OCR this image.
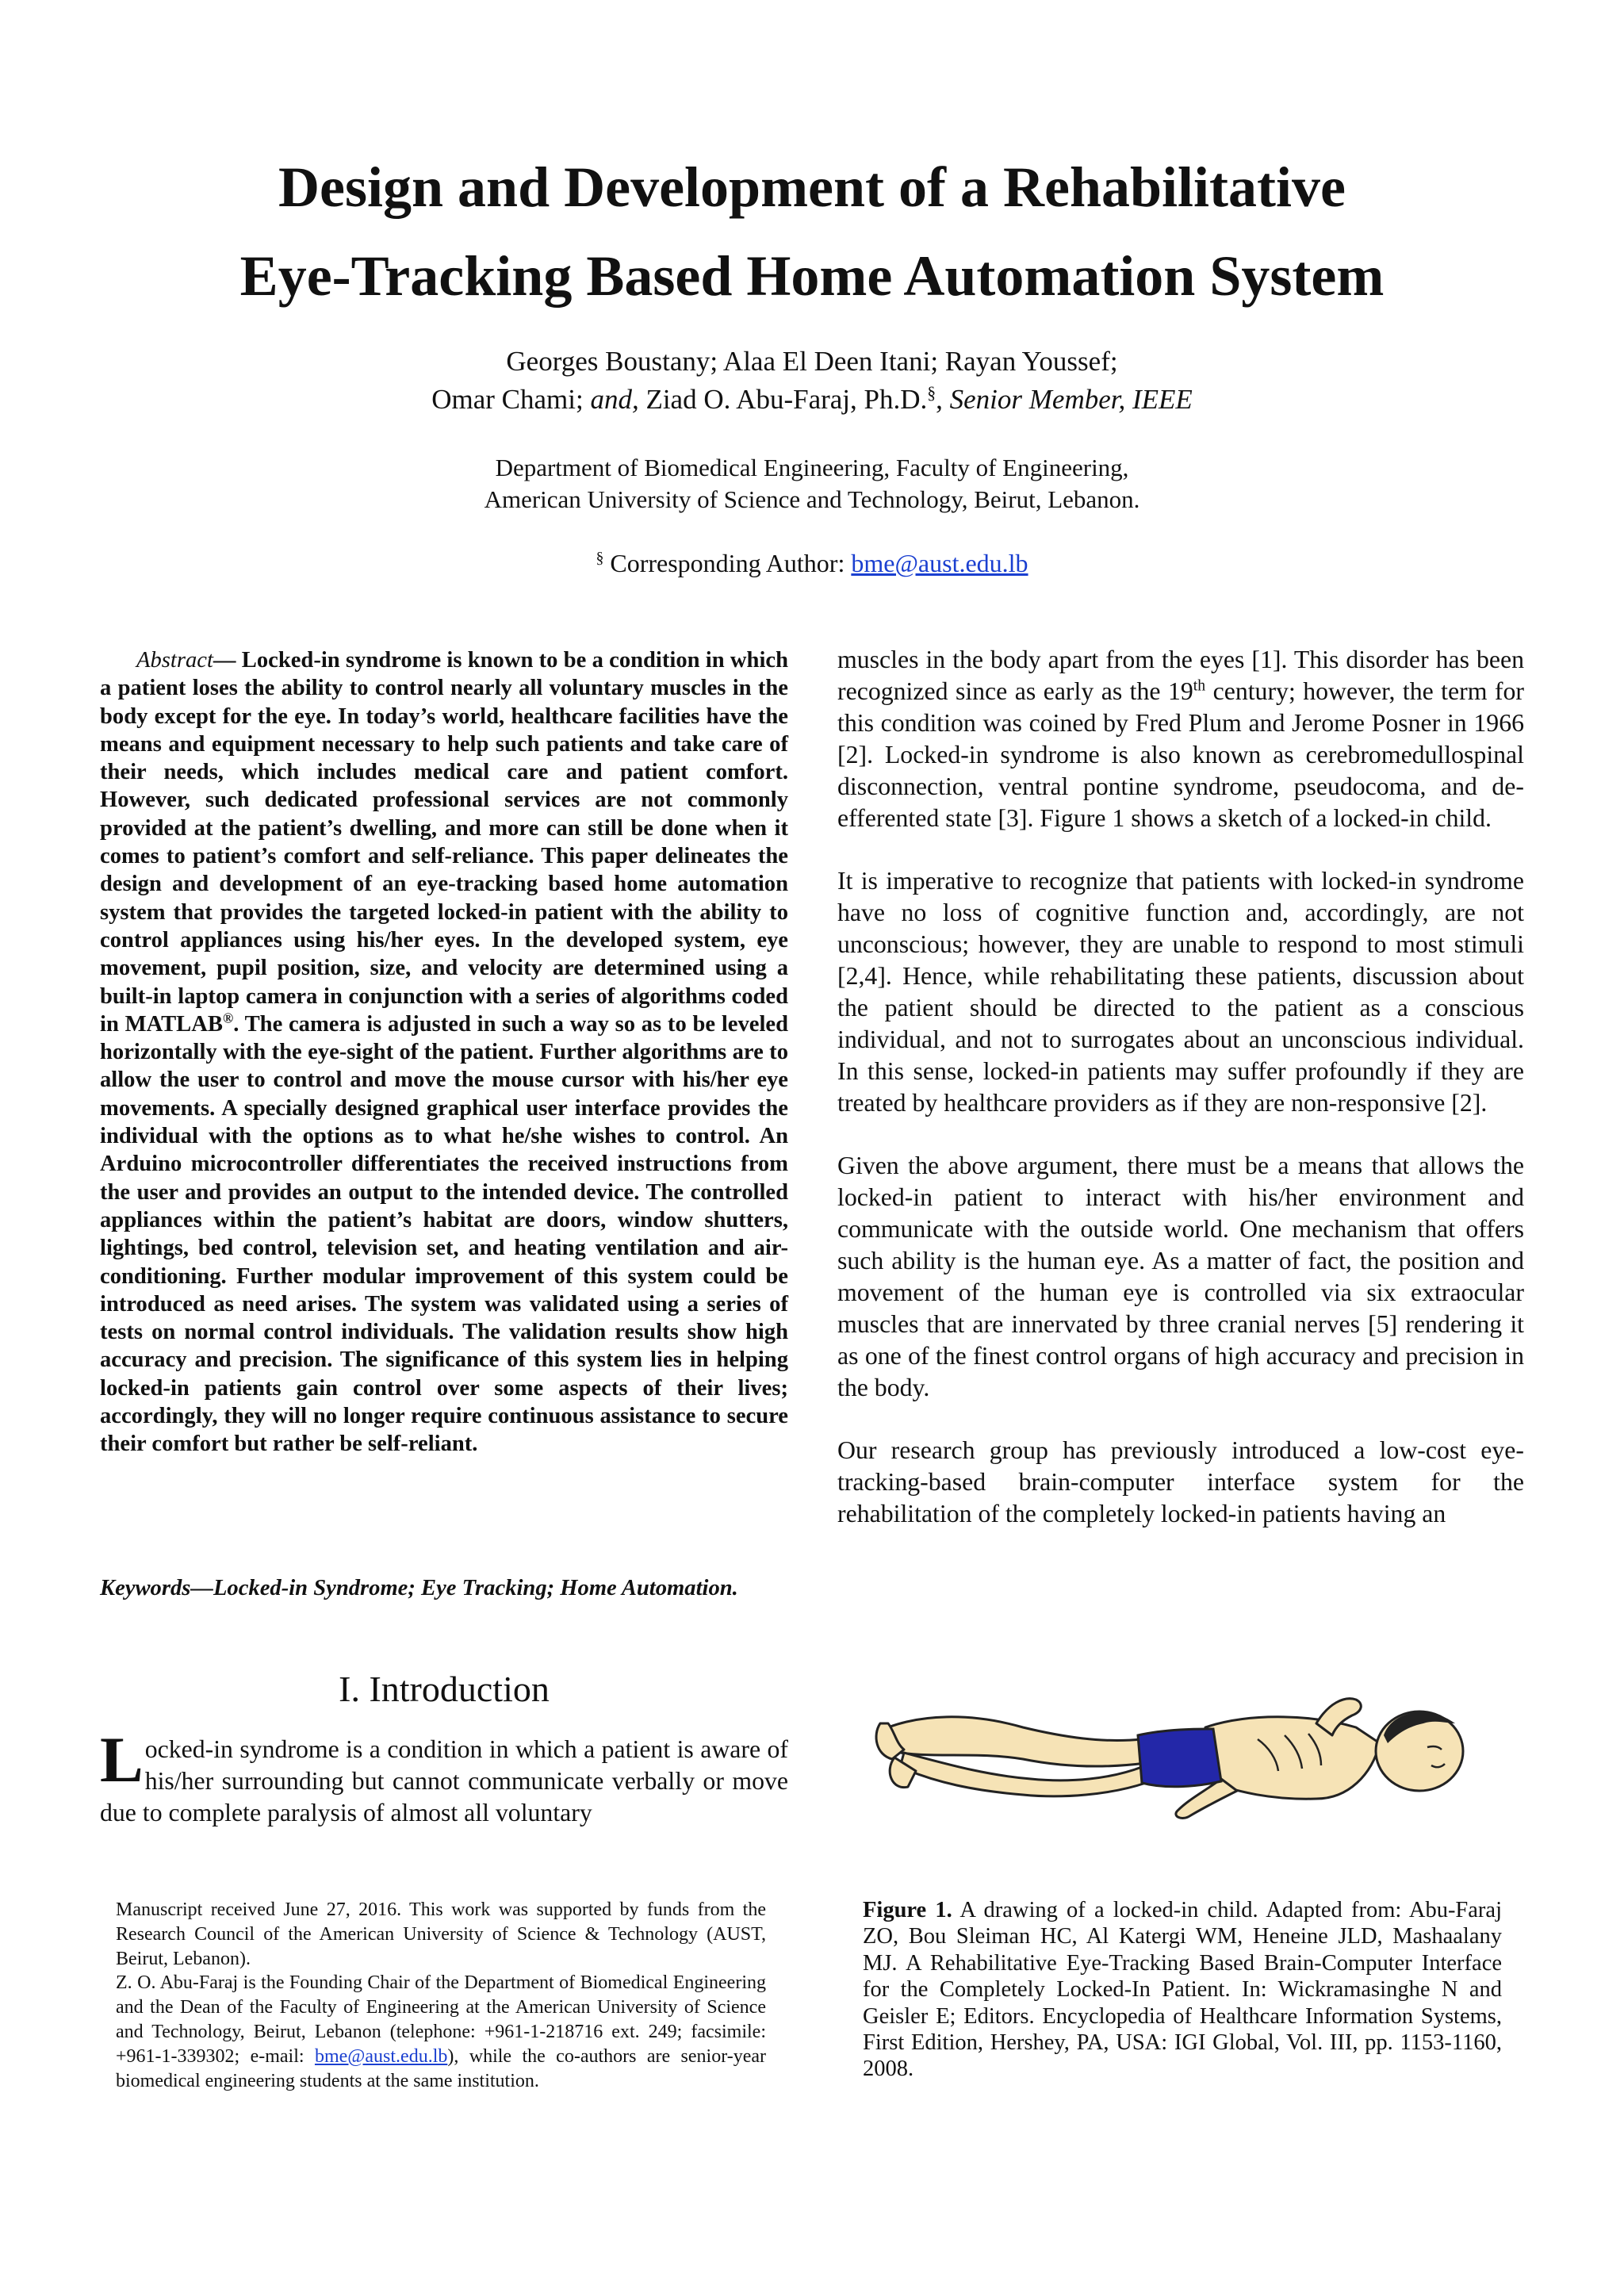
Design and Development of a Rehabilitative
Eye-Tracking Based Home Automation System
Georges Boustany; Alaa El Deen Itani; Rayan Youssef;
Omar Chami; and, Ziad O. Abu-Faraj, Ph.D.§, Senior Member, IEEE
Department of Biomedical Engineering, Faculty of Engineering,
American University of Science and Technology, Beirut, Lebanon.
§ Corresponding Author: bme@aust.edu.lb
Abstract— Locked-in syndrome is known to be a condition in which a patient loses the ability to control nearly all voluntary muscles in the body except for the eye. In today’s world, healthcare facilities have the means and equipment necessary to help such patients and take care of their needs, which includes medical care and patient comfort. However, such dedicated professional services are not commonly provided at the patient’s dwelling, and more can still be done when it comes to patient’s comfort and self-reliance. This paper delineates the design and development of an eye-tracking based home automation system that provides the targeted locked-in patient with the ability to control appliances using his/her eyes. In the developed system, eye movement, pupil position, size, and velocity are determined using a built-in laptop camera in conjunction with a series of algorithms coded in MATLAB®. The camera is adjusted in such a way so as to be leveled horizontally with the eye-sight of the patient. Further algorithms are to allow the user to control and move the mouse cursor with his/her eye movements. A specially designed graphical user interface provides the individual with the options as to what he/she wishes to control. An Arduino microcontroller differentiates the received instructions from the user and provides an output to the intended device. The controlled appliances within the patient’s habitat are doors, window shutters, lightings, bed control, television set, and heating ventilation and air-conditioning. Further modular improvement of this system could be introduced as need arises. The system was validated using a series of tests on normal control individuals. The validation results show high accuracy and precision. The significance of this system lies in helping locked-in patients gain control over some aspects of their lives; accordingly, they will no longer require continuous assistance to secure their comfort but rather be self-reliant.
Keywords—Locked-in Syndrome; Eye Tracking; Home Automation.
I. Introduction
Locked-in syndrome is a condition in which a patient is aware of his/her surrounding but cannot communicate verbally or move due to complete paralysis of almost all voluntary

muscles in the body apart from the eyes [1]. This disorder has been recognized since as early as the 19th century; however, the term for this condition was coined by Fred Plum and Jerome Posner in 1966 [2]. Locked-in syndrome is also known as cerebromedullospinal disconnection, ventral pontine syndrome, pseudocoma, and de-efferented state [3]. Figure 1 shows a sketch of a locked-in child.

It is imperative to recognize that patients with locked-in syndrome have no loss of cognitive function and, accordingly, are not unconscious; however, they are unable to respond to most stimuli [2,4]. Hence, while rehabilitating these patients, discussion about the patient should be directed to the patient as a conscious individual, and not to surrogates about an unconscious individual. In this sense, locked-in patients may suffer profoundly if they are treated by healthcare providers as if they are non-responsive [2].

Given the above argument, there must be a means that allows the locked-in patient to interact with his/her environment and communicate with the outside world. One mechanism that offers such ability is the human eye. As a matter of fact, the position and movement of the human eye is controlled via six extraocular muscles that are innervated by three cranial nerves [5] rendering it as one of the finest control organs of high accuracy and precision in the body.

Our research group has previously introduced a low-cost eye-tracking-based brain-computer interface system for the rehabilitation of the completely locked-in patients having an

Manuscript received June 27, 2016. This work was supported by funds from the Research Council of the American University of Science & Technology (AUST, Beirut, Lebanon).

Z. O. Abu-Faraj is the Founding Chair of the Department of Biomedical Engineering and the Dean of the Faculty of Engineering at the American University of Science and Technology, Beirut, Lebanon (telephone: +961-1-218716 ext. 249; facsimile: +961-1-339302; e-mail: bme@aust.edu.lb), while the co-authors are senior-year biomedical engineering students at the same institution.

Figure 1. A drawing of a locked-in child. Adapted from: Abu-Faraj ZO, Bou Sleiman HC, Al Katergi WM, Heneine JLD, Mashaalany MJ. A Rehabilitative Eye-Tracking Based Brain-Computer Interface for the Completely Locked-In Patient. In: Wickramasinghe N and Geisler E; Editors. Encyclopedia of Healthcare Information Systems, First Edition, Hershey, PA, USA: IGI Global, Vol. III, pp. 1153-1160, 2008.
